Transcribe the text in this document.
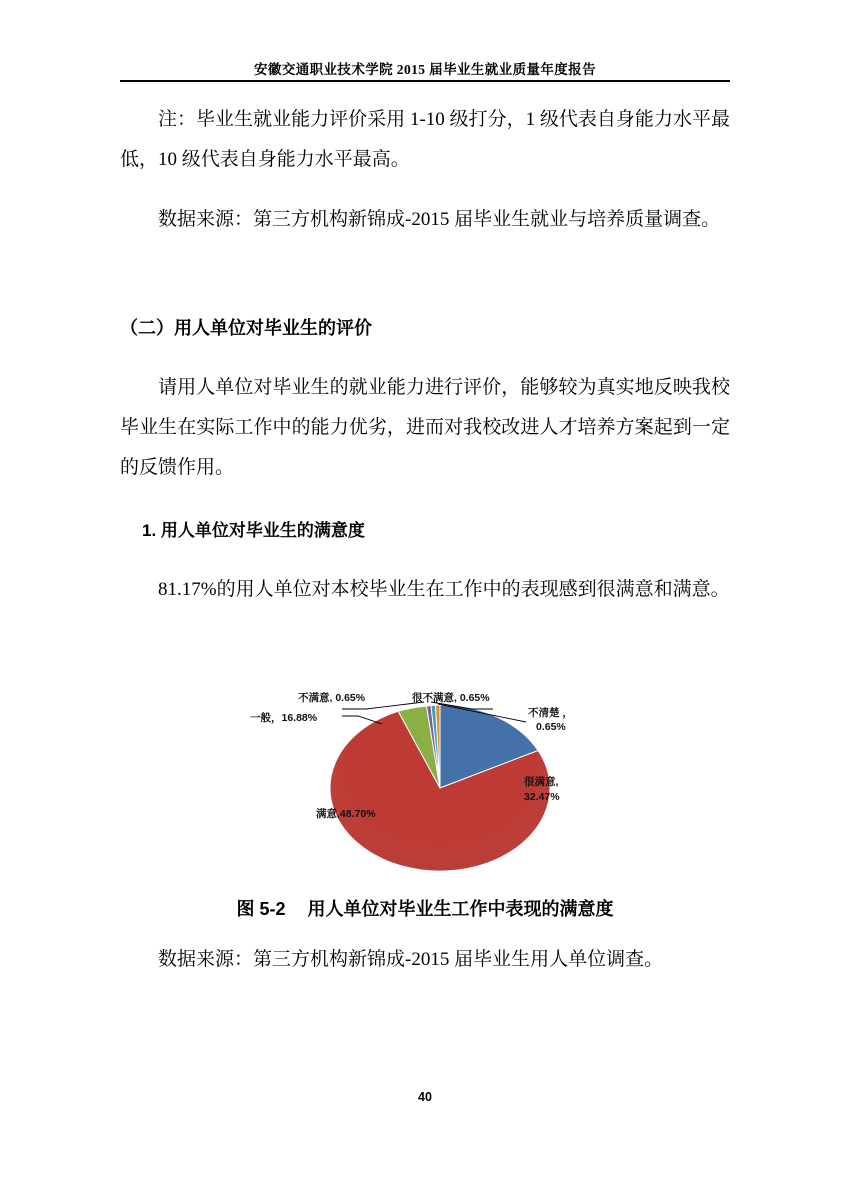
安徽交通职业技术学院 2015 届毕业生就业质量年度报告
注：毕业生就业能力评价采用 1-10 级打分，1 级代表自身能力水平最低，10 级代表自身能力水平最高。
数据来源：第三方机构新锦成-2015 届毕业生就业与培养质量调查。
（二）用人单位对毕业生的评价
请用人单位对毕业生的就业能力进行评价，能够较为真实地反映我校毕业生在实际工作中的能力优劣，进而对我校改进人才培养方案起到一定的反馈作用。
1. 用人单位对毕业生的满意度
81.17%的用人单位对本校毕业生在工作中的表现感到很满意和满意。
不满意, 0.65%	很不满意, 0.65%
不清楚 ，
0.65%
一般，16.88%
满意,48.70%
很满意,
32.47%
图 5-2 用人单位对毕业生工作中表现的满意度
数据来源：第三方机构新锦成-2015 届毕业生用人单位调查。
40
